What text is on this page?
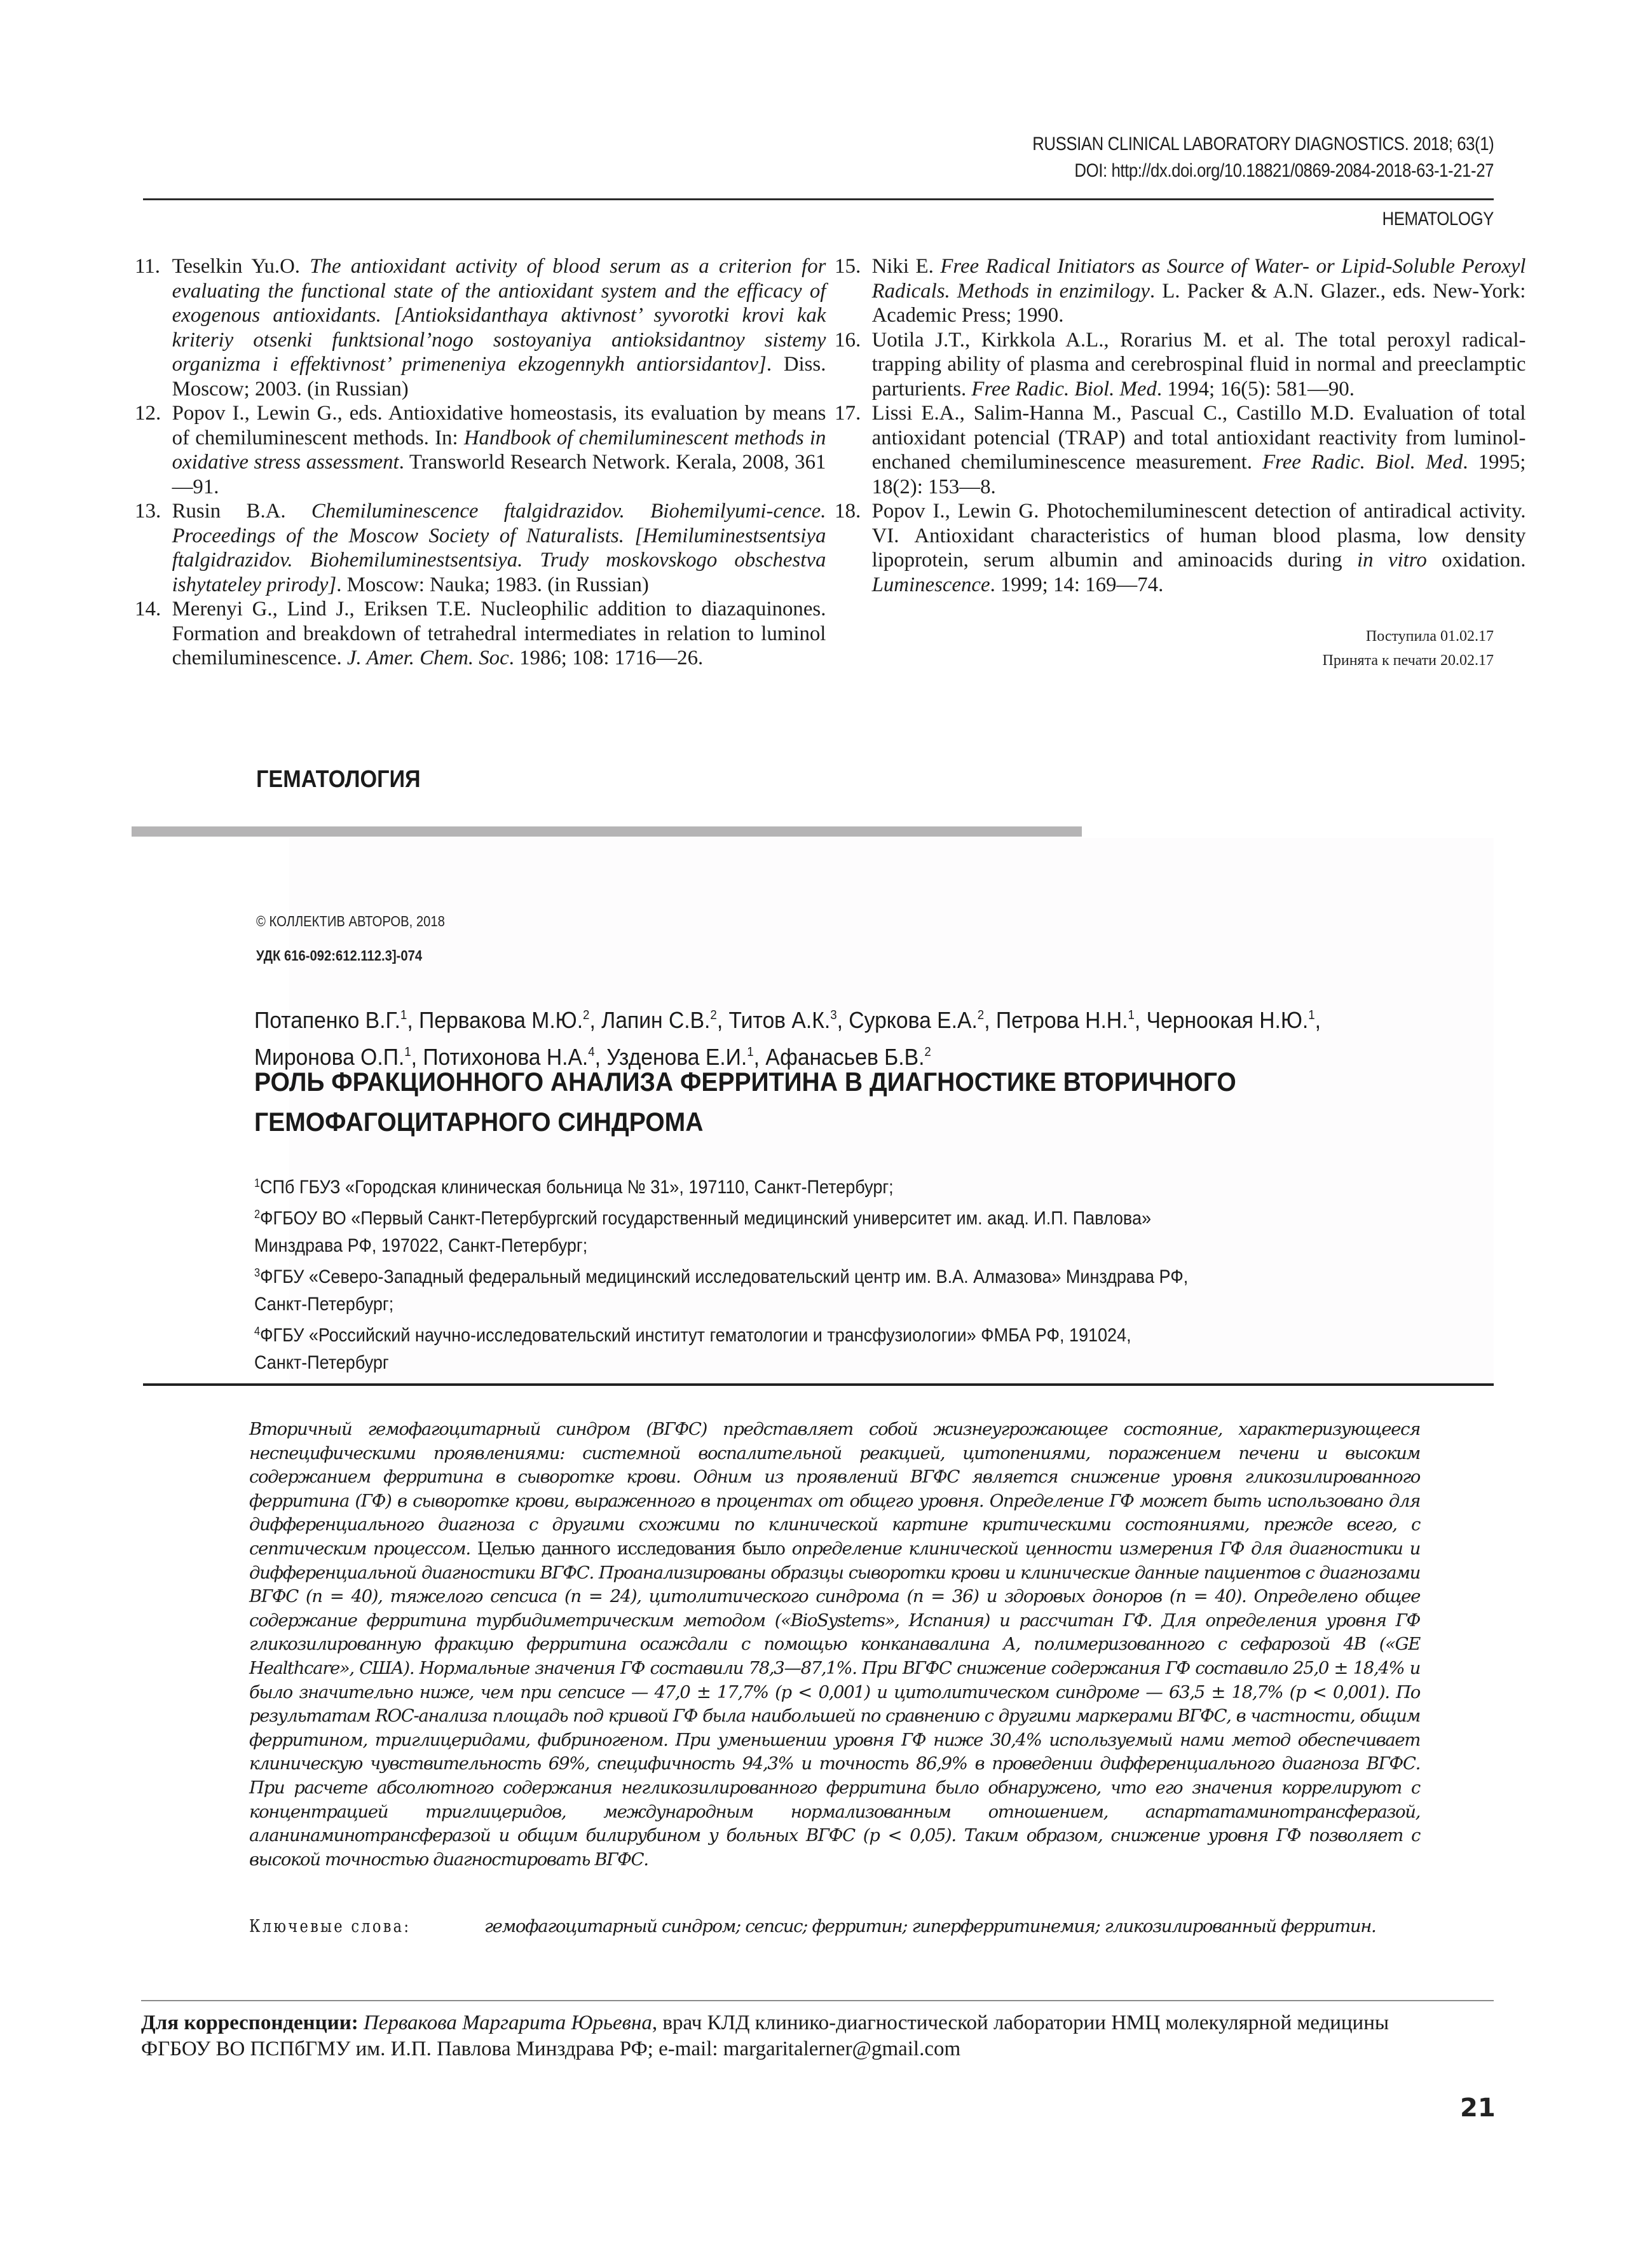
RUSSIAN CLINICAL LABORATORY DIAGNOSTICS. 2018; 63(1)
DOI: http://dx.doi.org/10.18821/0869-2084-2018-63-1-21-27
HEMATOLOGY
11. Teselkin Yu.O. The antioxidant activity of blood serum as a criterion for evaluating the functional state of the antioxidant system and the efficacy of exogenous antioxidants. [Antioksidanthaya aktivnost’ syvorotki krovi kak kriteriy otsenki funktsional’nogo sostoyaniya antioksidantnoy sistemy organizma i effektivnost’ primeneniya ekzogennykh antiorsidantov]. Diss. Moscow; 2003. (in Russian)
12. Popov I., Lewin G., eds. Antioxidative homeostasis, its evaluation by means of chemiluminescent methods. In: Handbook of chemiluminescent methods in oxidative stress assessment. Transworld Research Network. Kerala, 2008, 361—91.
13. Rusin B.A. Chemiluminescence ftalgidrazidov. Biohemilyumi-cence. Proceedings of the Moscow Society of Naturalists. [Hemiluminestsentsiya ftalgidrazidov. Biohemiluminestsentsiya. Trudy moskovskogo obschestva ishytateley prirody]. Moscow: Nauka; 1983. (in Russian)
14. Merenyi G., Lind J., Eriksen T.E. Nucleophilic addition to diazaquinones. Formation and breakdown of tetrahedral intermediates in relation to luminol chemiluminescence. J. Amer. Chem. Soc. 1986; 108: 1716—26.
15. Niki E. Free Radical Initiators as Source of Water- or Lipid-Soluble Peroxyl Radicals. Methods in enzimilogy. L. Packer & A.N. Glazer., eds. New-York: Academic Press; 1990.
16. Uotila J.T., Kirkkola A.L., Rorarius M. et al. The total peroxyl radical-trapping ability of plasma and cerebrospinal fluid in normal and preeclamptic parturients. Free Radic. Biol. Med. 1994; 16(5): 581—90.
17. Lissi E.A., Salim-Hanna M., Pascual C., Castillo M.D. Evaluation of total antioxidant potencial (TRAP) and total antioxidant reactivity from luminol-enchaned chemiluminescence measurement. Free Radic. Biol. Med. 1995; 18(2): 153—8.
18. Popov I., Lewin G. Photochemiluminescent detection of antiradical activity. VI. Antioxidant characteristics of human blood plasma, low density lipoprotein, serum albumin and aminoacids during in vitro oxidation. Luminescence. 1999; 14: 169—74.
Поступила 01.02.17
Принята к печати 20.02.17
ГЕМАТОЛОГИЯ
© КОЛЛЕКТИВ АВТОРОВ, 2018
УДК 616-092:612.112.3]-074
Потапенко В.Г.$^1$, Первакова М.Ю.$^2$, Лапин С.В.$^2$, Титов А.К.$^3$, Суркова Е.А.$^2$, Петрова Н.Н.$^1$, Черноокая Н.Ю.$^1$,
Миронова О.П.$^1$, Потихонова Н.А.$^4$, Узденова Е.И.$^1$, Афанасьев Б.В.$^2$
РОЛЬ ФРАКЦИОННОГО АНАЛИЗА ФЕРРИТИНА В ДИАГНОСТИКЕ ВТОРИЧНОГО
ГЕМОФАГОЦИТАРНОГО СИНДРОМА
$^1$СПб ГБУЗ «Городская клиническая больница № 31», 197110, Санкт-Петербург;
$^2$ФГБОУ ВО «Первый Санкт-Петербургский государственный медицинский университет им. акад. И.П. Павлова»
Минздрава РФ, 197022, Санкт-Петербург;
$^3$ФГБУ «Северо-Западный федеральный медицинский исследовательский центр им. В.А. Алмазова» Минздрава РФ,
Санкт-Петербург;
$^4$ФГБУ «Российский научно-исследовательский институт гематологии и трансфузиологии» ФМБА РФ, 191024,
Санкт-Петербург
Вторичный гемофагоцитарный синдром (ВГФС) представляет собой жизнеугрожающее состояние, характеризующееся неспецифическими проявлениями: системной воспалительной реакцией, цитопениями, поражением печени и высоким содержанием ферритина в сыворотке крови. Одним из проявлений ВГФС является снижение уровня гликозилированного ферритина (ГФ) в сыворотке крови, выраженного в процентах от общего уровня. Определение ГФ может быть использовано для дифференциального диагноза с другими схожими по клинической картине критическими состояниями, прежде всего, с септическим процессом. Целью данного исследования было определение клинической ценности измерения ГФ для диагностики и дифференциальной диагностики ВГФС. Проанализированы образцы сыворотки крови и клинические данные пациентов с диагнозами ВГФС (n = 40), тяжелого сепсиса (n = 24), цитолитического синдрома (n = 36) и здоровых доноров (n = 40). Определено общее содержание ферритина турбидиметрическим методом («BioSystems», Испания) и рассчитан ГФ. Для определения уровня ГФ гликозилированную фракцию ферритина осаждали с помощью конканавалина А, полимеризованного с сефарозой 4B («GE Healthcare», США). Нормальные значения ГФ составили 78,3—87,1%. При ВГФС снижение содержания ГФ составило 25,0 ± 18,4% и было значительно ниже, чем при сепсисе — 47,0 ± 17,7% (p < 0,001) и цитолитическом синдроме — 63,5 ± 18,7% (p < 0,001). По результатам ROC-анализа площадь под кривой ГФ была наибольшей по сравнению с другими маркерами ВГФС, в частности, общим ферритином, триглицеридами, фибриногеном. При уменьшении уровня ГФ ниже 30,4% используемый нами метод обеспечивает клиническую чувствительность 69%, специфичность 94,3% и точность 86,9% в проведении дифференциального диагноза ВГФС. При расчете абсолютного содержания негликозилированного ферритина было обнаружено, что его значения коррелируют с концентрацией триглицеридов, международным нормализованным отношением, аспартатаминотрансферазой, аланинаминотрансферазой и общим билирубином у больных ВГФС (p < 0,05). Таким образом, снижение уровня ГФ позволяет с высокой точностью диагностировать ВГФС.
Ключевые слова:	гемофагоцитарный синдром; сепсис; ферритин; гиперферритинемия; гликозилированный ферритин.
Для корреспонденции: Первакова Маргарита Юрьевна, врач КЛД клинико-диагностической лаборатории НМЦ молекулярной медицины
ФГБОУ ВО ПСПбГМУ им. И.П. Павлова Минздрава РФ; e-mail: margaritalerner@gmail.com
21
